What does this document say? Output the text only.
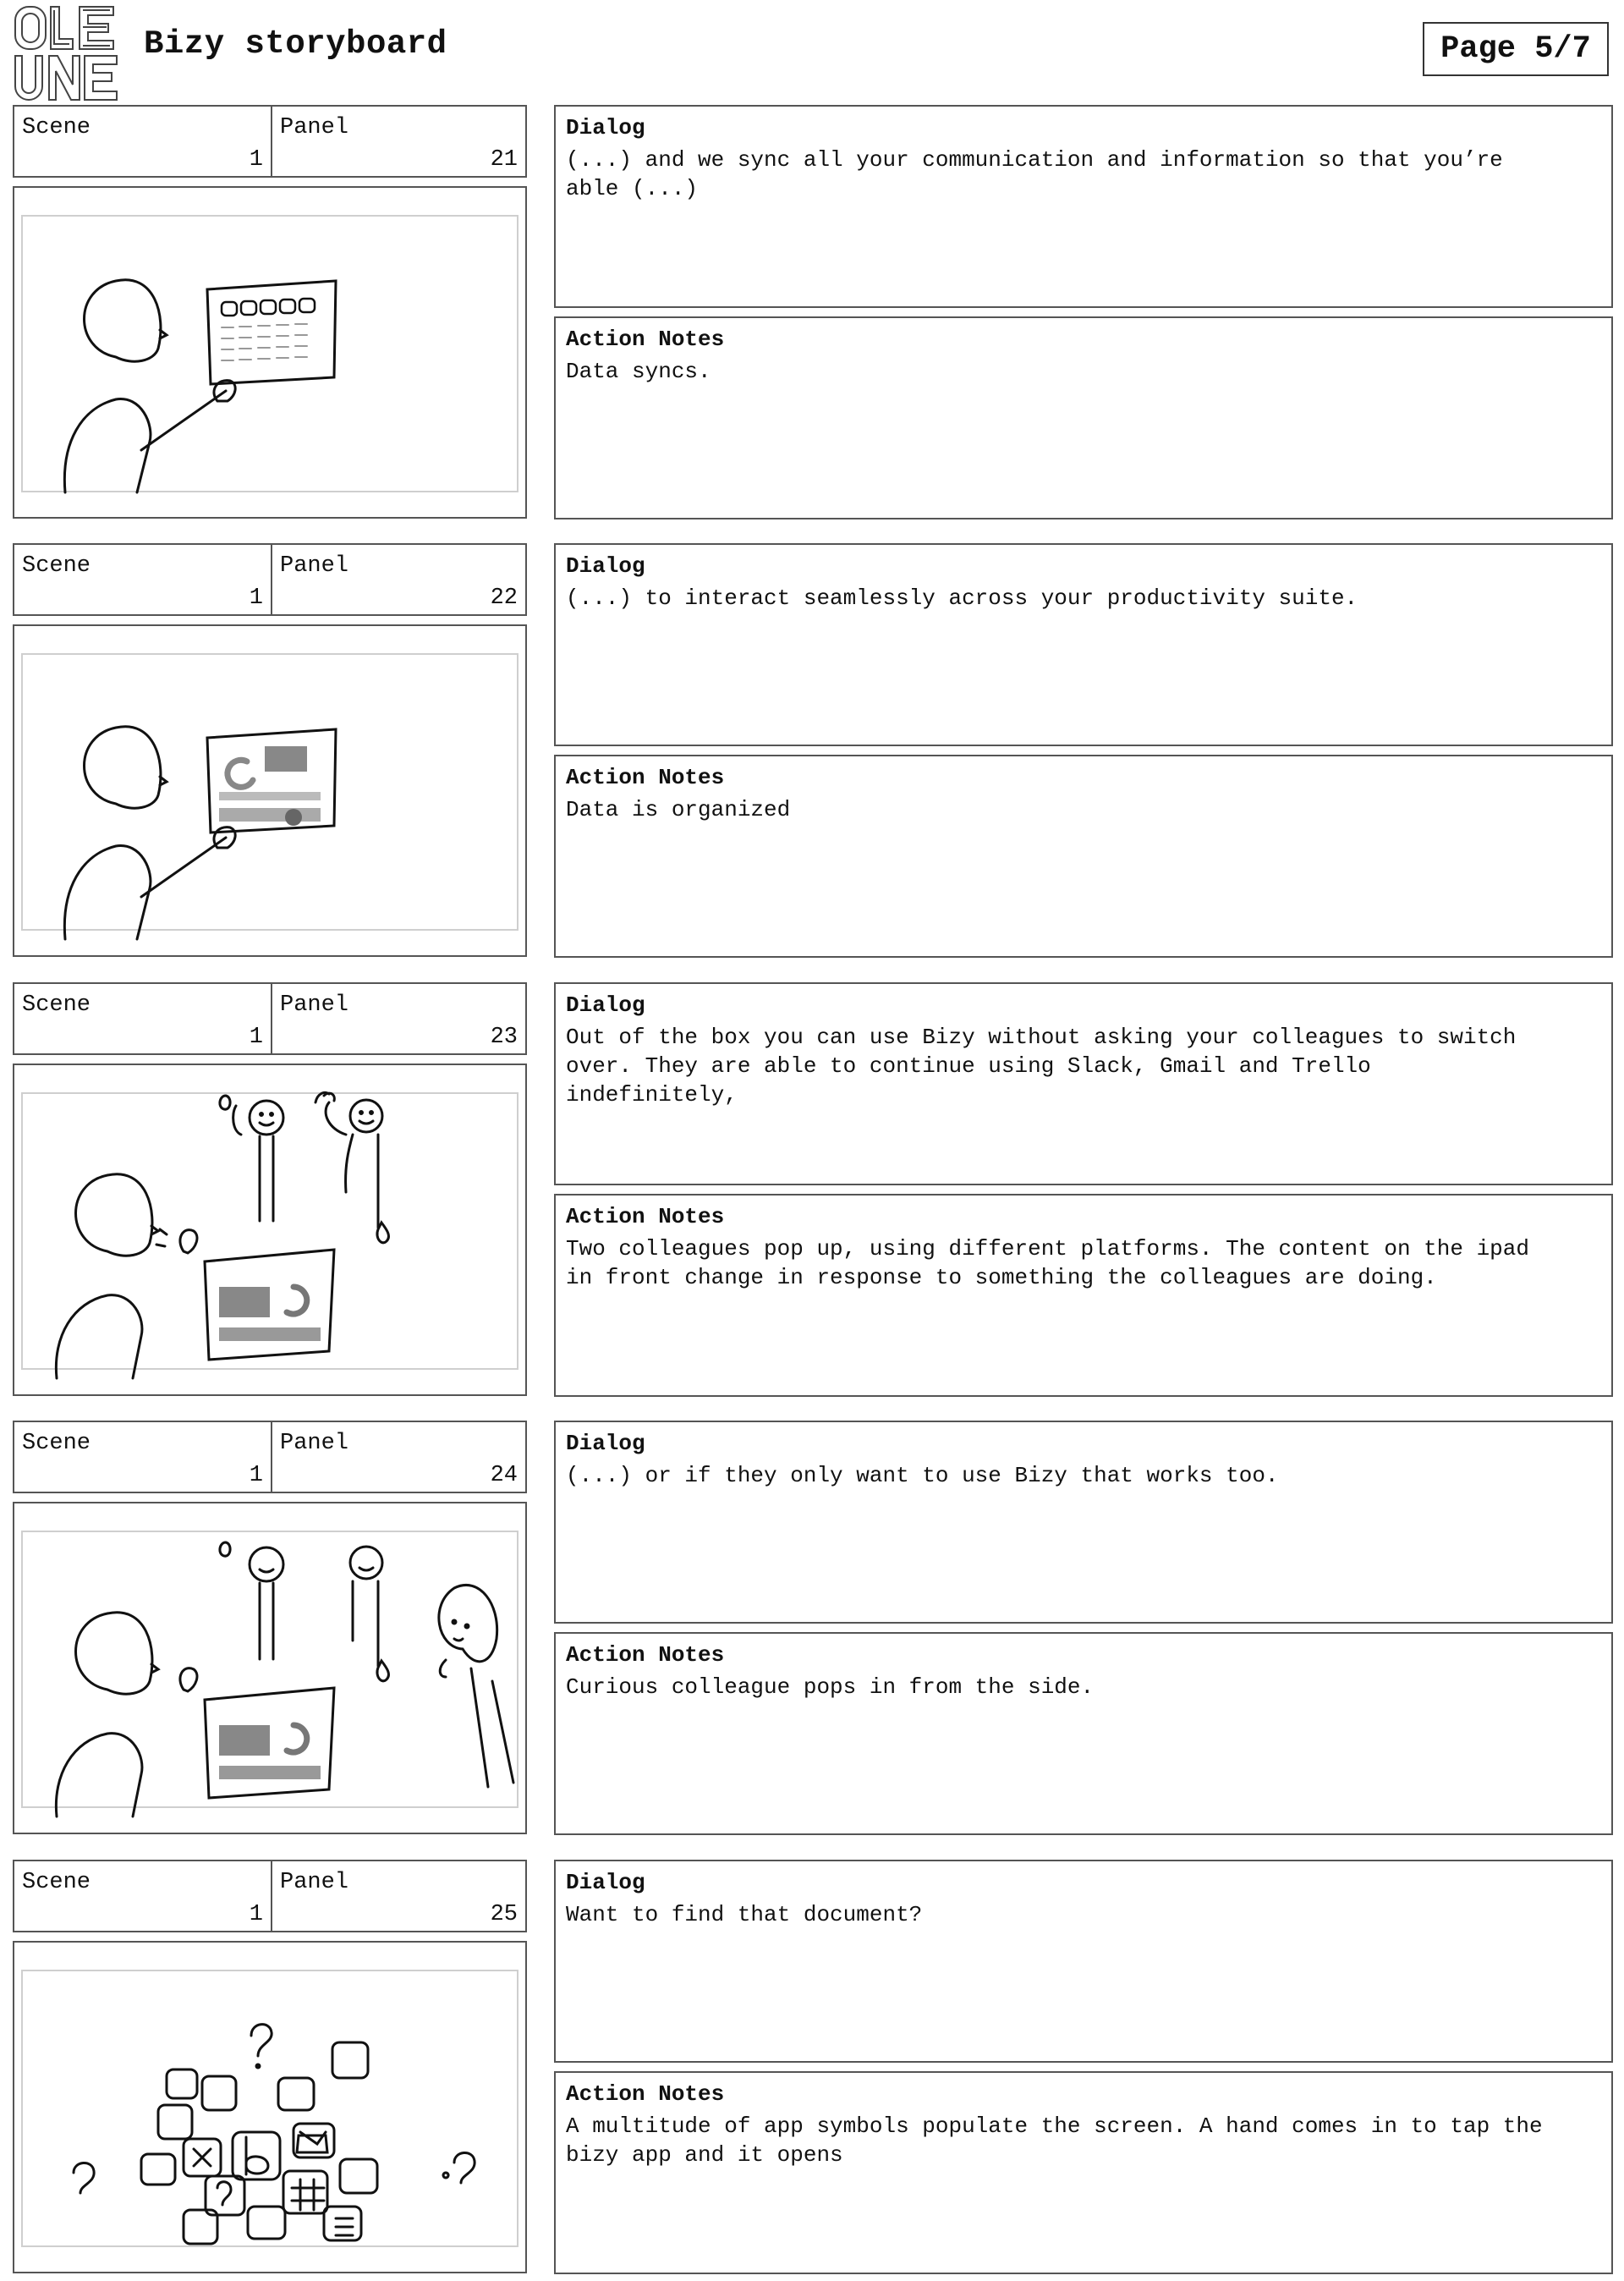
Bizy storyboard	Page 5/7
Scene
1
Panel
21
Dialog
(...) and we sync all your communication and information so that you’re
able (...)
Action Notes
Data syncs.
Scene
1
Panel
22
Dialog
(...) to interact seamlessly across your productivity suite.
Action Notes
Data is organized
Scene
1
Panel
23
Dialog
Out of the box you can use Bizy without asking your colleagues to switch
over. They are able to continue using Slack, Gmail and Trello
indefinitely,
Action Notes
Two colleagues pop up, using different platforms. The content on the ipad
in front change in response to something the colleagues are doing.
Scene
1
Panel
24
Dialog
(...) or if they only want to use Bizy that works too.
Action Notes
Curious colleague pops in from the side.
Scene
1
Panel
25
Dialog
Want to find that document?
Action Notes
A multitude of app symbols populate the screen. A hand comes in to tap the
bizy app and it opens
